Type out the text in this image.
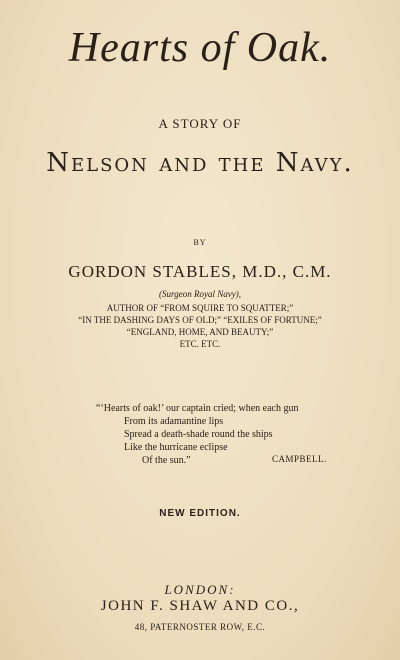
Hearts of Oak.
A STORY OF
Nelson and the Navy.
BY
GORDON STABLES, M.D., C.M.
(Surgeon Royal Navy),
AUTHOR OF “FROM SQUIRE TO SQUATTER;”
“IN THE DASHING DAYS OF OLD;” “EXILES OF FORTUNE;”
“ENGLAND, HOME, AND BEAUTY;”
ETC. ETC.
“‘Hearts of oak!’ our captain cried; when each gun
From its adamantine lips
Spread a death-shade round the ships
Like the hurricane eclipse
Of the sun.”	CAMPBELL.
NEW EDITION.
LONDON:
JOHN F. SHAW AND CO.,
48, PATERNOSTER ROW, E.C.
